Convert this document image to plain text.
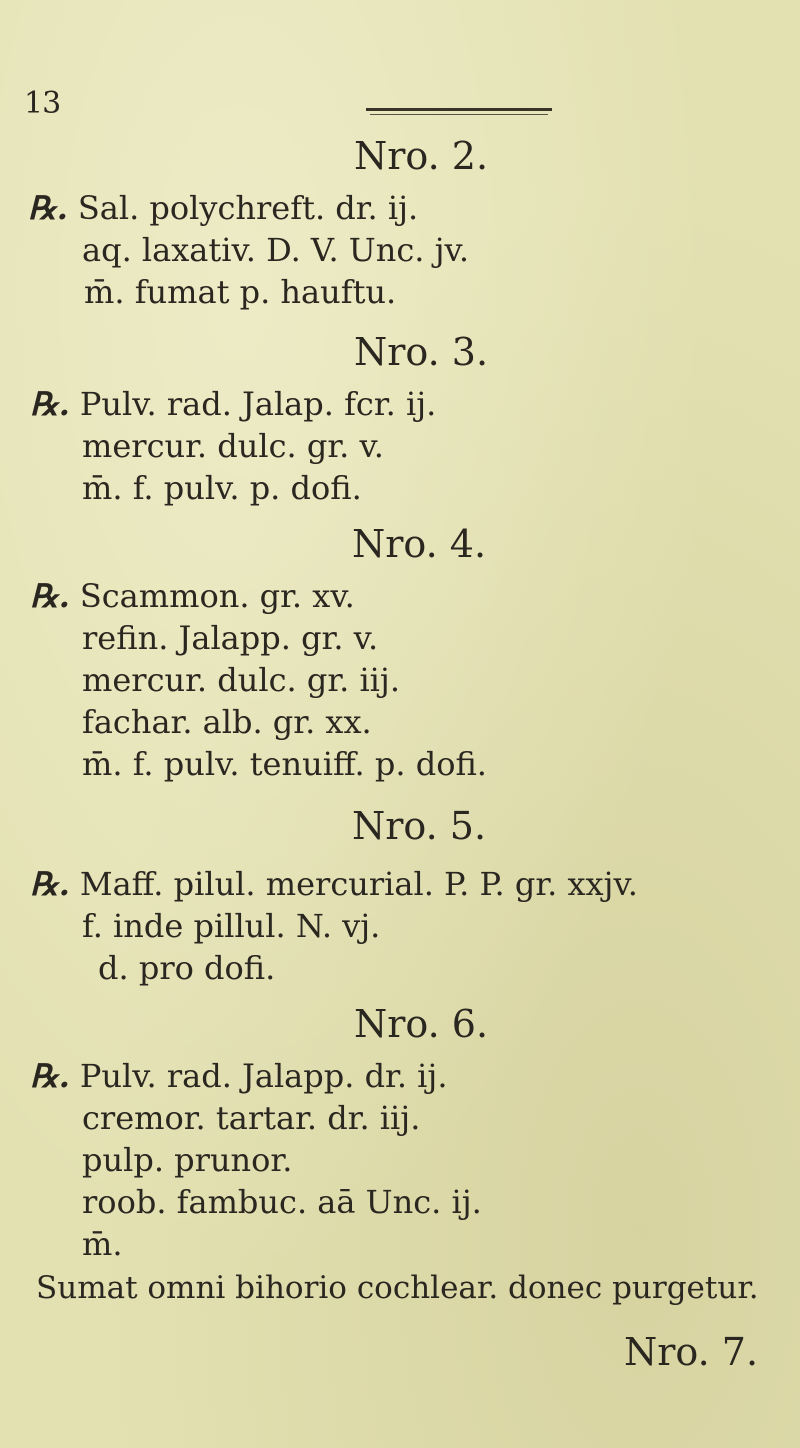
13
Nro. 2.
℞. Sal. polychreft. dr. ij.
aq. laxativ. D. V. Unc. jv.
m̄. fumat p. hauftu.
Nro. 3.
℞. Pulv. rad. Jalap. fcr. ij.
mercur. dulc. gr. v.
m̄. f. pulv. p. dofi.
Nro. 4.
℞. Scammon. gr. xv.
refin. Jalapp. gr. v.
mercur. dulc. gr. iij.
fachar. alb. gr. xx.
m̄. f. pulv. tenuiff. p. dofi.
Nro. 5.
℞. Maff. pilul. mercurial. P. P. gr. xxjv.
f. inde pillul. N. vj.
d. pro dofi.
Nro. 6.
℞. Pulv. rad. Jalapp. dr. ij.
cremor. tartar. dr. iij.
pulp. prunor.
roob. fambuc. aā Unc. ij.
m̄.
Sumat omni bihorio cochlear. donec purgetur.
Nro. 7.
